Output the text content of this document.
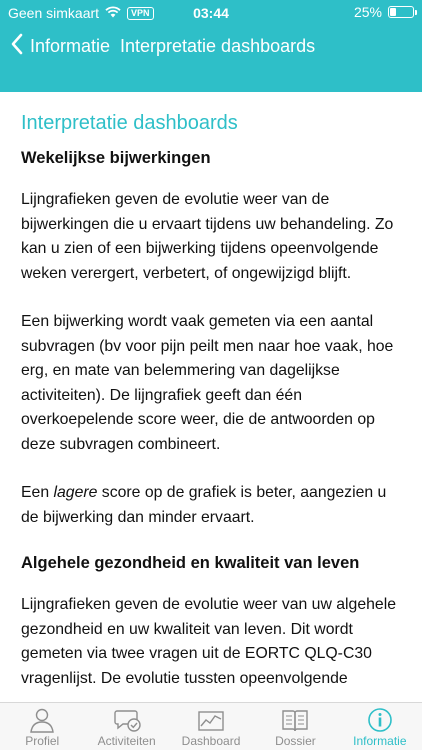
Geen simkaart	VPN	03:44	25%
Informatie Interpretatie dashboards
Interpretatie dashboards
Wekelijkse bijwerkingen

Lijngrafieken geven de evolutie weer van de bijwerkingen die u ervaart tijdens uw behandeling. Zo kan u zien of een bijwerking tijdens opeenvolgende weken verergert, verbetert, of ongewijzigd blijft.

Een bijwerking wordt vaak gemeten via een aantal subvragen (bv voor pijn peilt men naar hoe vaak, hoe erg, en mate van belemmering van dagelijkse activiteiten). De lijngrafiek geeft dan één overkoepelende score weer, die de antwoorden op deze subvragen combineert.

Een lagere score op de grafiek is beter, aangezien u de bijwerking dan minder ervaart.

Algehele gezondheid en kwaliteit van leven

Lijngrafieken geven de evolutie weer van uw algehele gezondheid en uw kwaliteit van leven. Dit wordt gemeten via twee vragen uit de EORTC QLQ-C30 vragenlijst. De evolutie tussten opeenvolgende

Profiel	Activiteiten Dashboard	Dossier	Informatie
